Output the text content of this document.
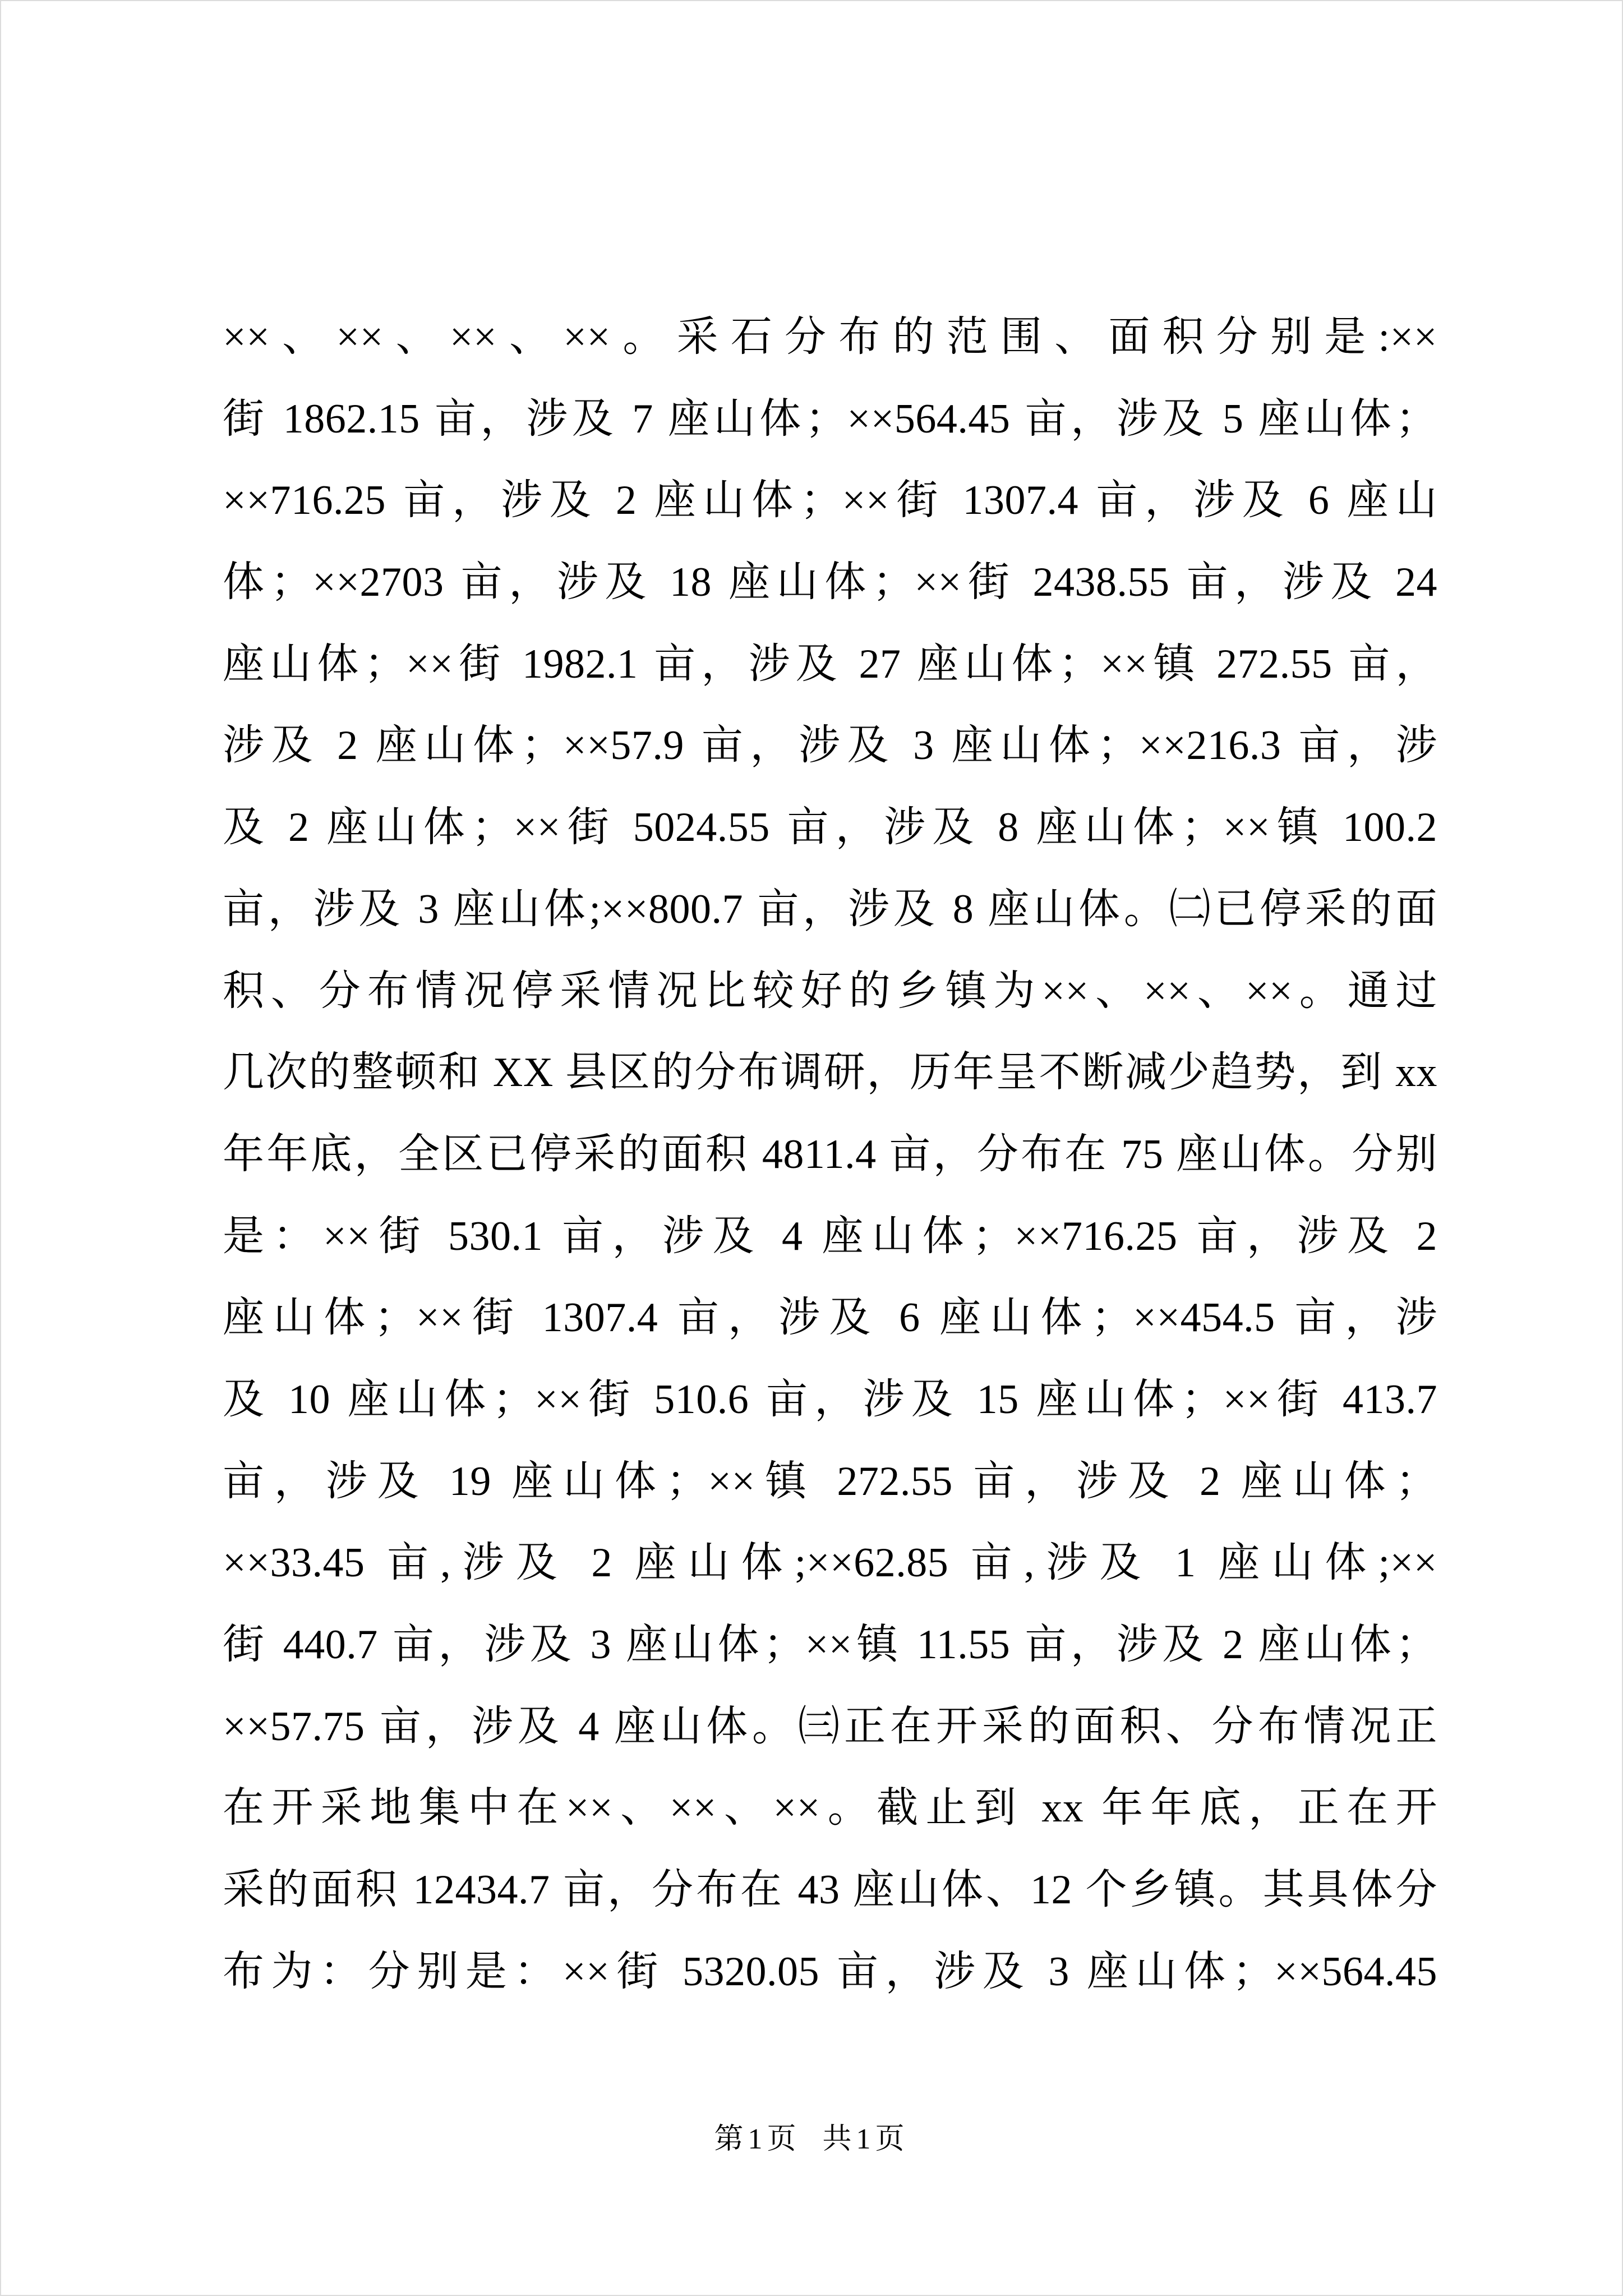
××、××、××、××。采石分布的范围、面积分别是:××
街 1862.15 亩，涉及 7 座山体；××564.45 亩，涉及 5 座山体；
××716.25 亩，涉及 2 座山体；××街 1307.4 亩，涉及 6 座山
体；××2703 亩，涉及 18 座山体；××街 2438.55 亩，涉及 24
座山体；××街 1982.1 亩，涉及 27 座山体；××镇 272.55 亩，
涉及 2 座山体；××57.9 亩，涉及 3 座山体；××216.3 亩，涉
及 2 座山体；××街 5024.55 亩，涉及 8 座山体；××镇 100.2
亩，涉及 3 座山体;××800.7 亩，涉及 8 座山体。㈡已停采的面
积、分布情况停采情况比较好的乡镇为××、××、××。通过
几次的整顿和 XX 县区的分布调研，历年呈不断减少趋势，到 xx
年年底，全区已停采的面积 4811.4 亩，分布在 75 座山体。分别
是：××街 530.1 亩，涉及 4 座山体；××716.25 亩，涉及 2
座山体；××街 1307.4 亩，涉及 6 座山体；××454.5 亩，涉
及 10 座山体；××街 510.6 亩，涉及 15 座山体；××街 413.7
亩，涉及 19 座山体；××镇 272.55 亩，涉及 2 座山体；
××33.45 亩,涉及 2 座山体;××62.85 亩,涉及 1 座山体;××
街 440.7 亩，涉及 3 座山体；××镇 11.55 亩，涉及 2 座山体；
××57.75 亩，涉及 4 座山体。㈢正在开采的面积、分布情况正
在开采地集中在××、××、××。截止到 xx 年年底，正在开
采的面积 12434.7 亩，分布在 43 座山体、12 个乡镇。其具体分
布为：分别是：××街 5320.05 亩，涉及 3 座山体；××564.45
第1页 共1页
